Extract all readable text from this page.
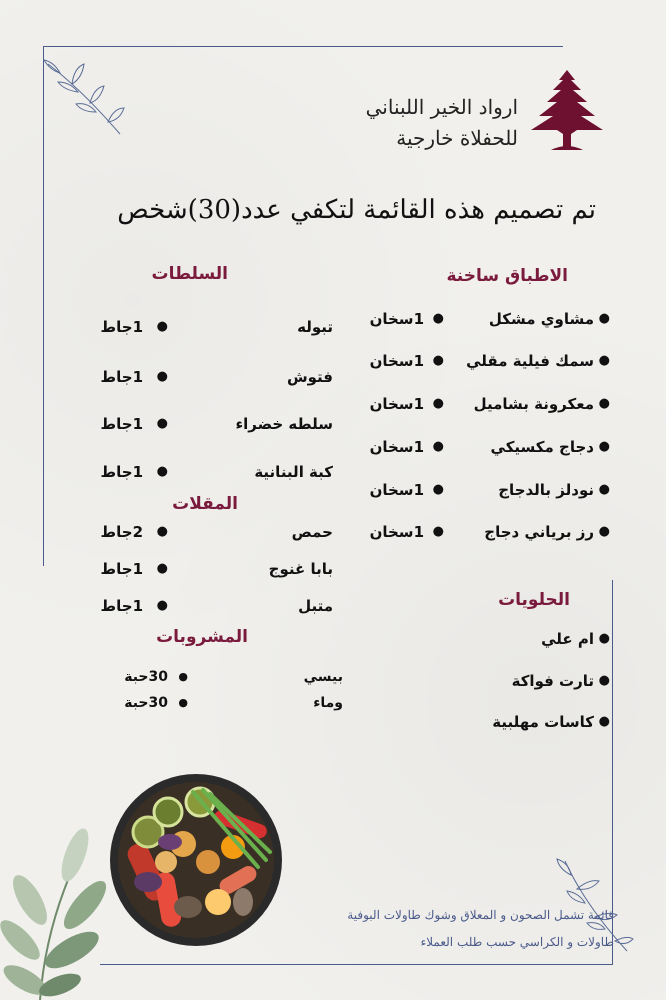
ارواد الخير اللبناني
للحفلاة خارجية
تم تصميم هذه القائمة لتكفي عدد(30)شخص
الاطباق ساخنة
السلطات
المقلات
المشروبات
الحلويات
مشاوي مشكل ●
●
1سخان
سمك فيلية مقلي ●
●
1سخان
معكرونة بشاميل ●
●
1سخان
دجاج مكسيكي ●
●
1سخان
نودلز بالدجاج ●
●
1سخان
رز برياني دجاج ●
●
1سخان
تبوله
●
1جاط
فتوش
●
1جاط
سلطه خضراء
●
1جاط
كبة البنانية
●
1جاط
حمص
●
2جاط
بابا غنوج
●
1جاط
متبل
●
1جاط
بيسي
●
30حبة
وماء
●
30حبة
ام علي ●
تارت فواكة ●
كاسات مهلبية ●
قائمة تشمل الصحون و المعلاق وشوك طاولات البوفية
طاولات و الكراسي حسب طلب العملاء
